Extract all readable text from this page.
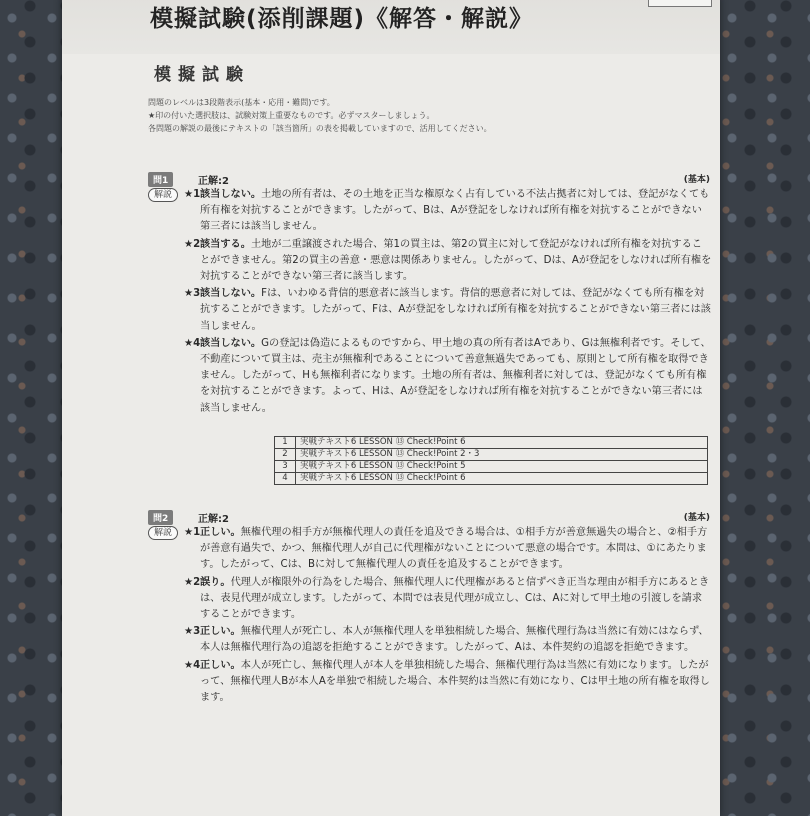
模擬試験(添削課題)《解答・解説》
模擬試験
問題のレベルは3段階表示(基本・応用・難問)です。
★印の付いた選択肢は、試験対策上重要なものです。必ずマスターしましょう。
各問題の解説の最後にテキストの「該当箇所」の表を掲載していますので、活用してください。
問1	正解:2	(基本)
解説	★1 該当しない。土地の所有者は、その土地を正当な権原なく占有している不法占拠者に対しては、登記がなくても所有権を対抗することができます。したがって、Bは、Aが登記をしなければ所有権を対抗することができない第三者には該当しません。
★2 該当する。土地が二重譲渡された場合、第1の買主は、第2の買主に対して登記がなければ所有権を対抗することができません。第2の買主の善意・悪意は関係ありません。したがって、Dは、Aが登記をしなければ所有権を対抗することができない第三者に該当します。
★3 該当しない。Fは、いわゆる背信的悪意者に該当します。背信的悪意者に対しては、登記がなくても所有権を対抗することができます。したがって、Fは、Aが登記をしなければ所有権を対抗することができない第三者には該当しません。
★4 該当しない。Gの登記は偽造によるものですから、甲土地の真の所有者はAであり、Gは無権利者です。そして、不動産について買主は、売主が無権利であることについて善意無過失であっても、原則として所有権を取得できません。したがって、Hも無権利者になります。土地の所有者は、無権利者に対しては、登記がなくても所有権を対抗することができます。よって、Hは、Aが登記をしなければ所有権を対抗することができない第三者には該当しません。
1	実戦テキスト6 LESSON ⑬ Check!Point 6
2	実戦テキスト6 LESSON ⑬ Check!Point 2・3
3	実戦テキスト6 LESSON ⑬ Check!Point 5
4	実戦テキスト6 LESSON ⑬ Check!Point 6
問2	正解:2	(基本)
解説	★1 正しい。無権代理の相手方が無権代理人の責任を追及できる場合は、①相手方が善意無過失の場合と、②相手方が善意有過失で、かつ、無権代理人が自己に代理権がないことについて悪意の場合です。本問は、①にあたります。したがって、Cは、Bに対して無権代理人の責任を追及することができます。
★2 誤り。代理人が権限外の行為をした場合、無権代理人に代理権があると信ずべき正当な理由が相手方にあるときは、表見代理が成立します。したがって、本問では表見代理が成立し、Cは、Aに対して甲土地の引渡しを請求することができます。
★3 正しい。無権代理人が死亡し、本人が無権代理人を単独相続した場合、無権代理行為は当然に有効にはならず、本人は無権代理行為の追認を拒絶することができます。したがって、Aは、本件契約の追認を拒絶できます。
★4 正しい。本人が死亡し、無権代理人が本人を単独相続した場合、無権代理行為は当然に有効になります。したがって、無権代理人Bが本人Aを単独で相続した場合、本件契約は当然に有効になり、Cは甲土地の所有権を取得します。
